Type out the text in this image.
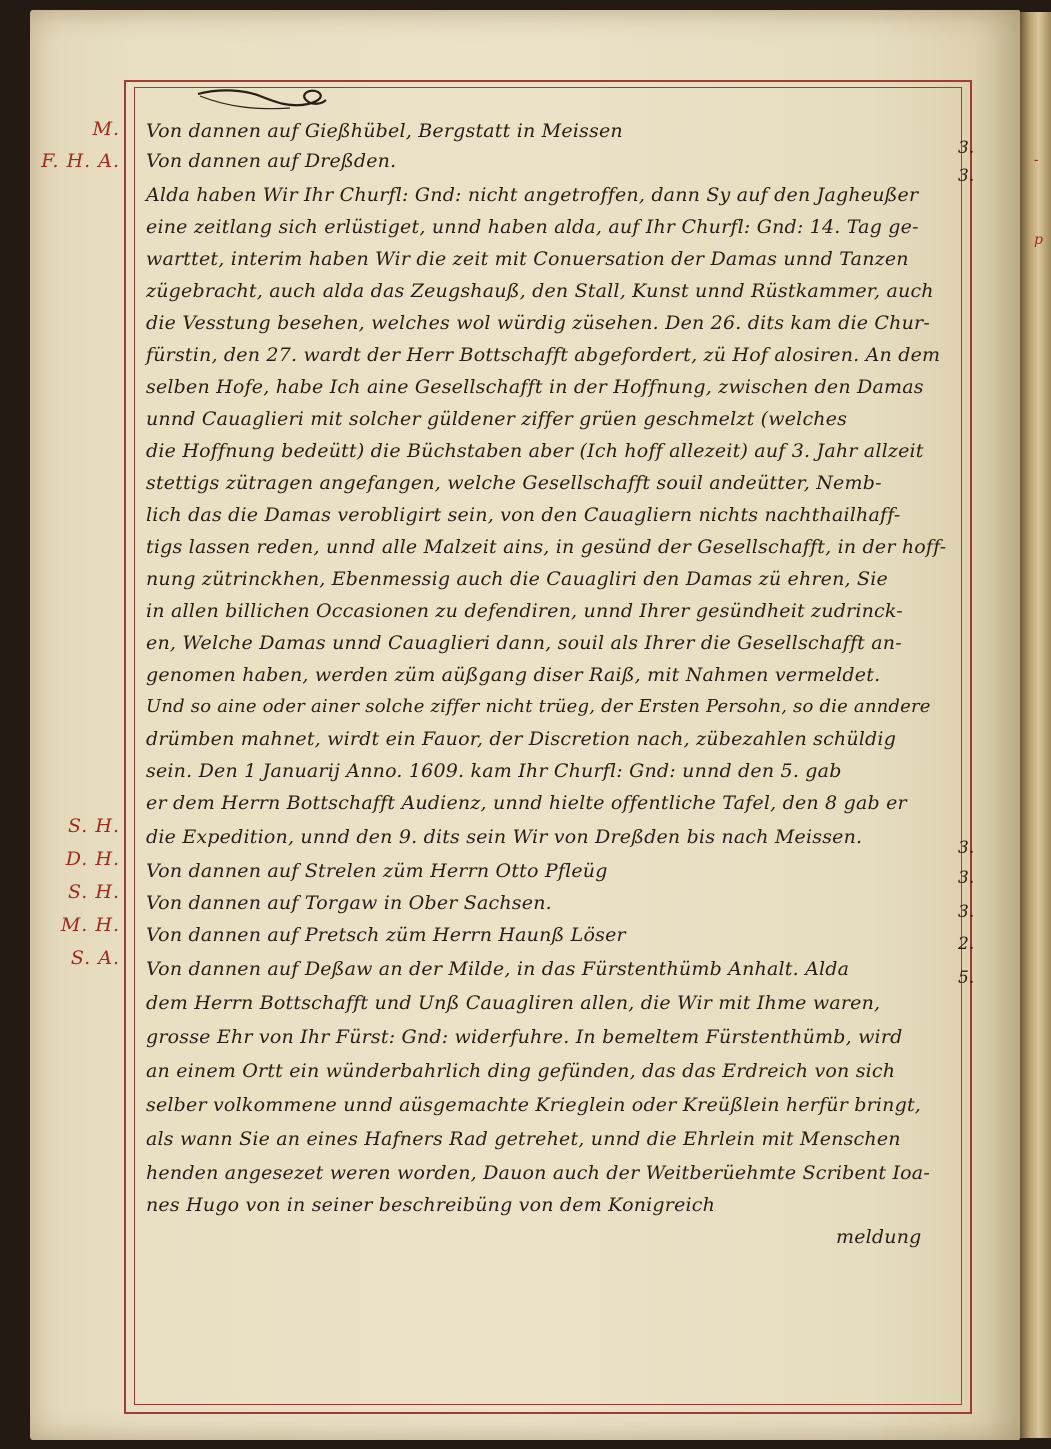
-
p
M.
F. H. A.
S. H.
D. H.
S. H.
M. H.
S. A.
3.
3.
3.
3.
3.
2.
5.
Von dannen auf Gießhübel, Bergstatt in Meissen
Von dannen auf Dreßden.
Alda haben Wir Ihr Churfl: Gnd: nicht angetroffen, dann Sy auf den Jagheußer
eine zeitlang sich erlüstiget, unnd haben alda, auf Ihr Churfl: Gnd: 14. Tag ge-
warttet, interim haben Wir die zeit mit Conuersation der Damas unnd Tanzen
zügebracht, auch alda das Zeugshauß, den Stall, Kunst unnd Rüstkammer, auch
die Vesstung besehen, welches wol würdig züsehen. Den 26. dits kam die Chur-
fürstin, den 27. wardt der Herr Bottschafft abgefordert, zü Hof alosiren. An dem
selben Hofe, habe Ich aine Gesellschafft in der Hoffnung, zwischen den Damas
unnd Cauaglieri mit solcher güldener ziffer grüen geschmelzt (welches
die Hoffnung bedeütt) die Büchstaben aber (Ich hoff allezeit) auf 3. Jahr allzeit
stettigs zütragen angefangen, welche Gesellschafft souil andeütter, Nemb-
lich das die Damas verobligirt sein, von den Cauagliern nichts nachthailhaff-
tigs lassen reden, unnd alle Malzeit ains, in gesünd der Gesellschafft, in der hoff-
nung zütrinckhen, Ebenmessig auch die Cauagliri den Damas zü ehren, Sie
in allen billichen Occasionen zu defendiren, unnd Ihrer gesündheit zudrinck-
en, Welche Damas unnd Cauaglieri dann, souil als Ihrer die Gesellschafft an-
genomen haben, werden züm aüßgang diser Raiß, mit Nahmen vermeldet.
Und so aine oder ainer solche ziffer nicht trüeg, der Ersten Persohn, so die anndere
drümben mahnet, wirdt ein Fauor, der Discretion nach, zübezahlen schüldig
sein. Den 1 Januarij Anno. 1609. kam Ihr Churfl: Gnd: unnd den 5. gab
er dem Herrn Bottschafft Audienz, unnd hielte offentliche Tafel, den 8 gab er
die Expedition, unnd den 9. dits sein Wir von Dreßden bis nach Meissen.
Von dannen auf Strelen züm Herrn Otto Pfleüg
Von dannen auf Torgaw in Ober Sachsen.
Von dannen auf Pretsch züm Herrn Haunß Löser
Von dannen auf Deßaw an der Milde, in das Fürstenthümb Anhalt. Alda
dem Herrn Bottschafft und Unß Cauagliren allen, die Wir mit Ihme waren,
grosse Ehr von Ihr Fürst: Gnd: widerfuhre. In bemeltem Fürstenthümb, wird
an einem Ortt ein wünderbahrlich ding gefünden, das das Erdreich von sich
selber volkommene unnd aüsgemachte Krieglein oder Kreüßlein herfür bringt,
als wann Sie an eines Hafners Rad getrehet, unnd die Ehrlein mit Menschen
henden angesezet weren worden, Dauon auch der Weitberüehmte Scribent Ioa-
nes Hugo von in seiner beschreibüng von dem Konigreich
meldung
